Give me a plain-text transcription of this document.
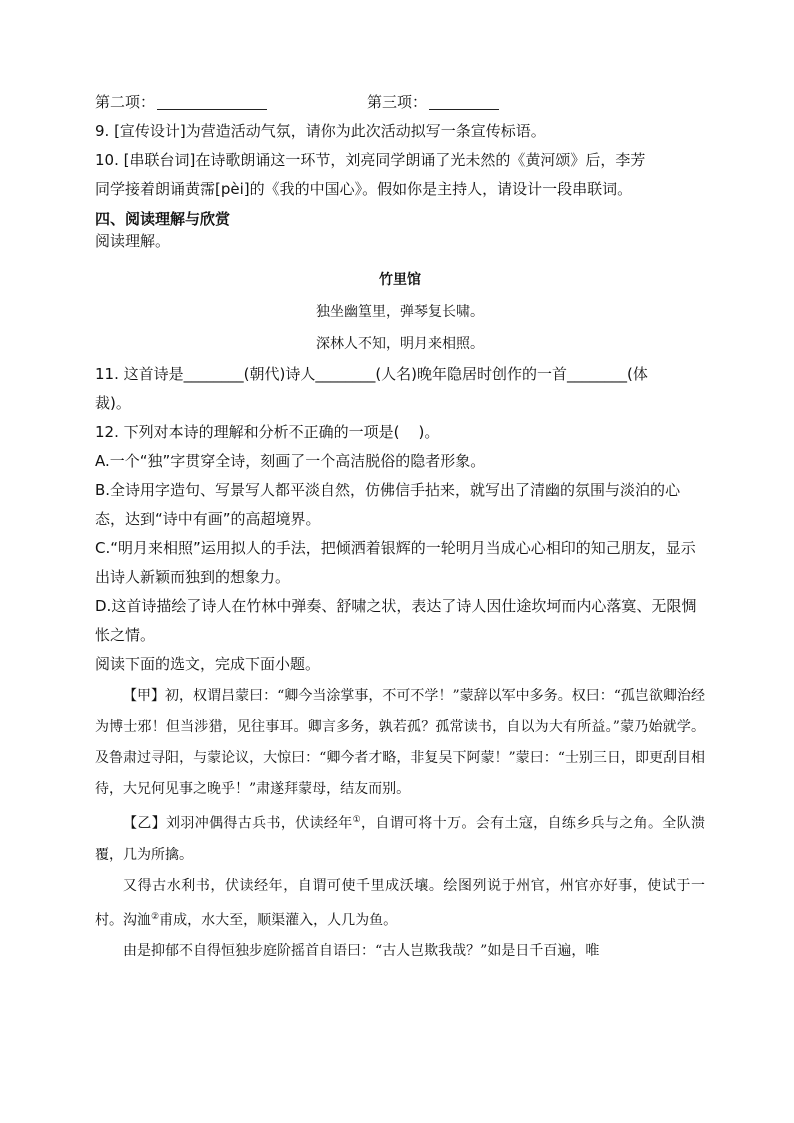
第二项：	第三项：
9. [宣传设计]为营造活动气氛，请你为此次活动拟写一条宣传标语。
10. [串联台词]在诗歌朗诵这一环节，刘亮同学朗诵了光未然的《黄河颂》后，李芳
同学接着朗诵黄霈[pèi]的《我的中国心》。假如你是主持人，请设计一段串联词。
四、阅读理解与欣赏
阅读理解。
竹里馆
独坐幽篁里，弹琴复长啸。
深林人不知，明月来相照。
11. 这首诗是________(朝代)诗人________(人名)晚年隐居时创作的一首________(体
裁)。
12. 下列对本诗的理解和分析不正确的一项是(    )。
A.一个“独”字贯穿全诗，刻画了一个高洁脱俗的隐者形象。
B.全诗用字造句、写景写人都平淡自然，仿佛信手拈来，就写出了清幽的氛围与淡泊的心态，达到“诗中有画”的高超境界。
C.“明月来相照”运用拟人的手法，把倾洒着银辉的一轮明月当成心心相印的知己朋友，显示出诗人新颖而独到的想象力。
D.这首诗描绘了诗人在竹林中弹奏、舒啸之状，表达了诗人因仕途坎坷而内心落寞、无限惆怅之情。
阅读下面的选文，完成下面小题。
【甲】初，权谓吕蒙曰：“卿今当涂掌事，不可不学！”蒙辞以军中多务。权曰：“孤岂欲卿治经为博士邪！但当涉猎，见往事耳。卿言多务，孰若孤？孤常读书，自以为大有所益。”蒙乃始就学。及鲁肃过寻阳，与蒙论议，大惊曰：“卿今者才略，非复吴下阿蒙！”蒙曰：“士别三日，即更刮目相待，大兄何见事之晚乎！”肃遂拜蒙母，结友而别。
【乙】刘羽冲偶得古兵书，伏读经年①，自谓可将十万。会有土寇，自练乡兵与之角。全队溃覆，几为所擒。
又得古水利书，伏读经年，自谓可使千里成沃壤。绘图列说于州官，州官亦好事，使试于一村。沟洫②甫成，水大至，顺渠灌入，人几为鱼。
由是抑郁不自得恒独步庭阶摇首自语曰：“古人岂欺我哉？”如是日千百遍，唯
